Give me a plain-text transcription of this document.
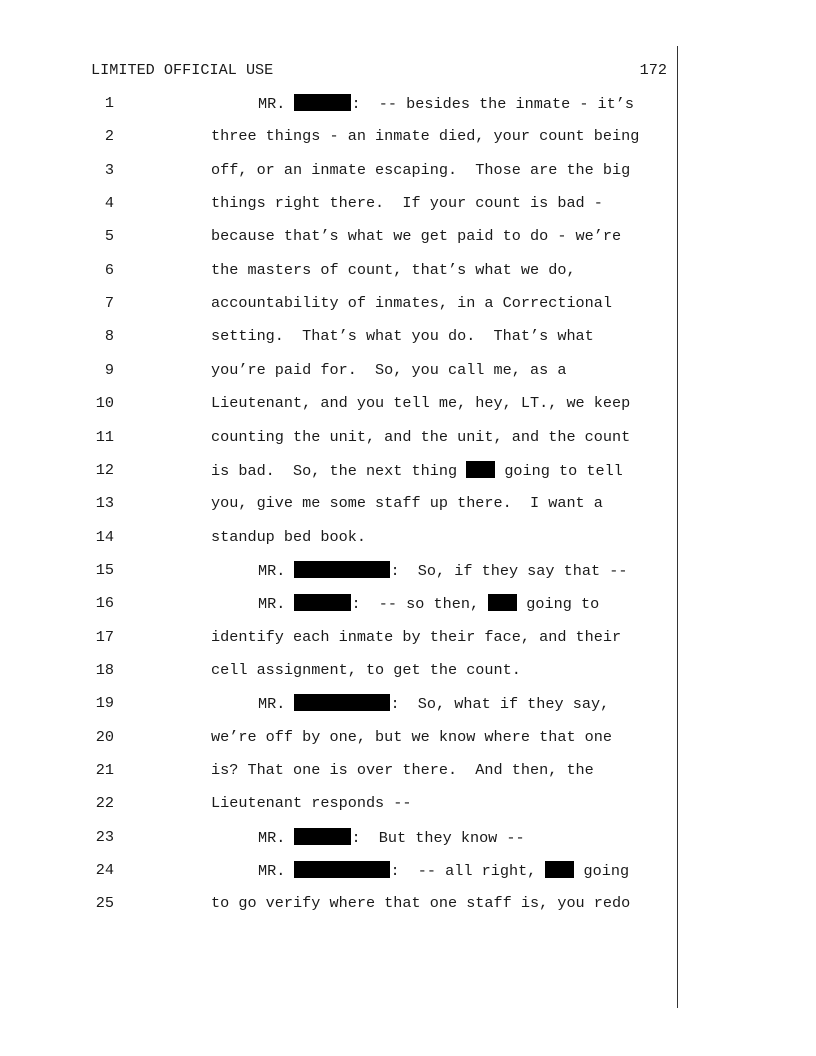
LIMITED OFFICIAL USE	172
1	MR.	:  -- besides the inmate - it’s
2	three things - an inmate died, your count being
3	off, or an inmate escaping.  Those are the big
4	things right there.  If your count is bad -
5	because that’s what we get paid to do - we’re
6	the masters of count, that’s what we do,
7	accountability of inmates, in a Correctional
8	setting.  That’s what you do.  That’s what
9	you’re paid for.  So, you call me, as a
10	Lieutenant, and you tell me, hey, LT., we keep
11	counting the unit, and the unit, and the count
12	is bad.  So, the next thing  going to tell
13	you, give me some staff up there.  I want a
14	standup bed book.
15	MR.	:  So, if they say that --
16	MR.	:  -- so then,  going to
17	identify each inmate by their face, and their
18	cell assignment, to get the count.
19	MR.	:  So, what if they say,
20	we’re off by one, but we know where that one
21	is? That one is over there.  And then, the
22	Lieutenant responds --
23	MR.	:  But they know --
24	MR.	:  -- all right,  going
25	to go verify where that one staff is, you redo
